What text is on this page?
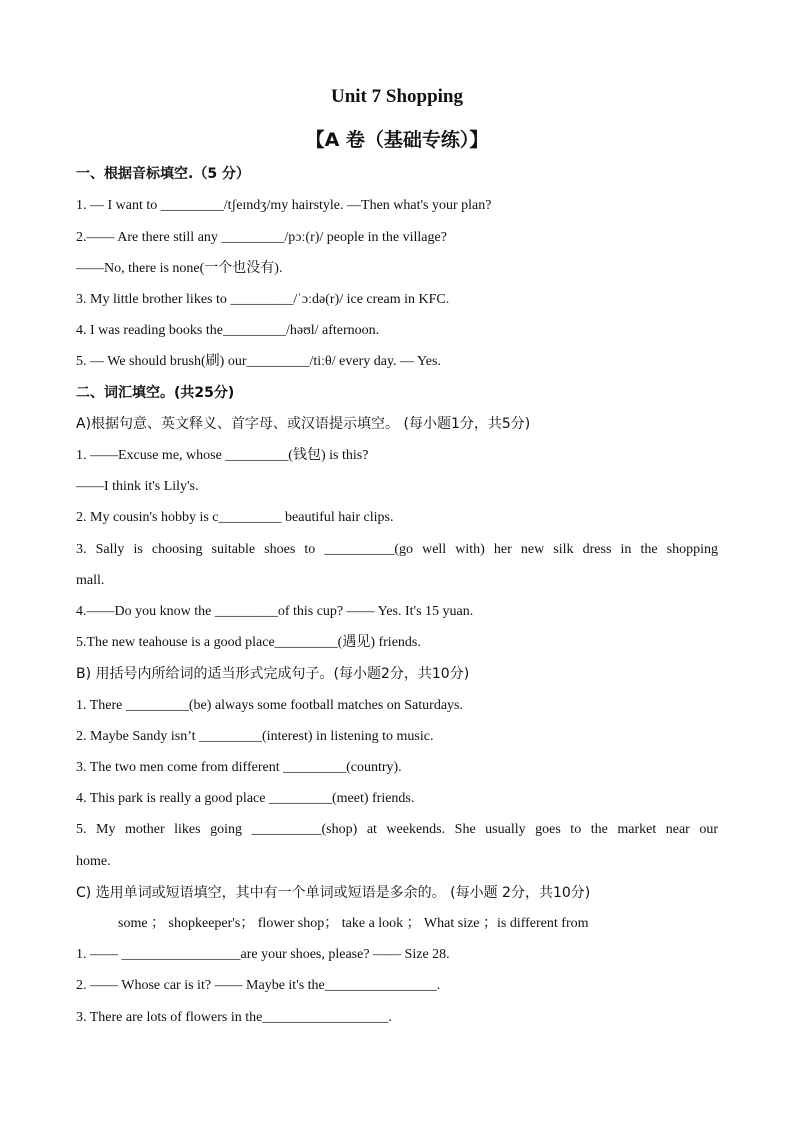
Unit 7 Shopping
【A 卷（基础专练）】
一、根据音标填空.（5 分）
1. — I want to _________/tʃeɪndʒ/my hairstyle. —Then what's your plan?
2.—— Are there still any _________/pɔː(r)/ people in the village?
——No, there is none(一个也没有).
3. My little brother likes to _________/ˈɔːdə(r)/ ice cream in KFC.
4. I was reading books the_________/həʊl/ afternoon.
5. — We should brush(刷) our_________/tiːθ/ every day. — Yes.
二、词汇填空。(共25分)
A)根据句意、英文释义、首字母、或汉语提示填空。 (每小题1分，共5分)
1. ——Excuse me, whose _________(钱包) is this?
——I think it's Lily's.
2. My cousin's hobby is c_________ beautiful hair clips.
3. Sally is choosing suitable shoes to __________(go well with) her new silk dress in the shopping
mall.
4.——Do you know the _________of this cup? —— Yes. It's 15 yuan.
5.The new teahouse is a good place_________(遇见) friends.
B) 用括号内所给词的适当形式完成句子。(每小题2分，共10分)
1. There _________(be) always some football matches on Saturdays.
2. Maybe Sandy isn’t _________(interest) in listening to music.
3. The two men come from different _________(country).
4. This park is really a good place _________(meet) friends.
5. My mother likes going __________(shop) at weekends. She usually goes to the market near our
home.
C) 选用单词或短语填空，其中有一个单词或短语是多余的。 (每小题 2分，共10分)
some ； shopkeeper's； flower shop； take a look ； What size ；is different from
1. —— _________________are your shoes, please? —— Size 28.
2. —— Whose car is it? —— Maybe it's the________________.
3. There are lots of flowers in the__________________.
